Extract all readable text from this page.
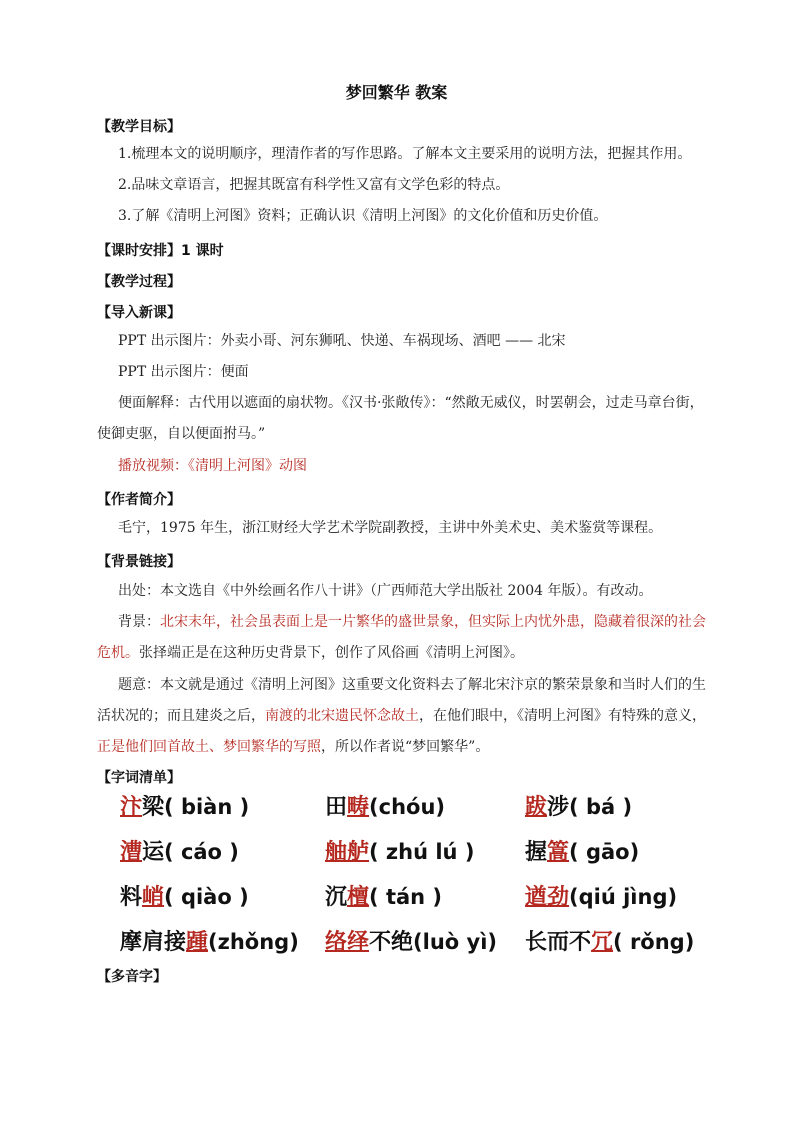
梦回繁华 教案
【教学目标】
1.梳理本文的说明顺序，理清作者的写作思路。了解本文主要采用的说明方法，把握其作用。
2.品味文章语言，把握其既富有科学性又富有文学色彩的特点。
3.了解《清明上河图》资料；正确认识《清明上河图》的文化价值和历史价值。
【课时安排】1 课时
【教学过程】
【导入新课】
PPT 出示图片：外卖小哥、河东狮吼、快递、车祸现场、酒吧 —— 北宋
PPT 出示图片：便面
便面解释：古代用以遮面的扇状物。《汉书·张敞传》：“然敞无威仪，时罢朝会，过走马章台街，使御吏驱，自以便面拊马。”
播放视频：《清明上河图》动图
【作者简介】
毛宁，1975 年生，浙江财经大学艺术学院副教授，主讲中外美术史、美术鉴赏等课程。
【背景链接】
出处：本文选自《中外绘画名作八十讲》（广西师范大学出版社 2004 年版）。有改动。
背景：北宋末年，社会虽表面上是一片繁华的盛世景象，但实际上内忧外患，隐藏着很深的社会危机。张择端正是在这种历史背景下，创作了风俗画《清明上河图》。
题意：本文就是通过《清明上河图》这重要文化资料去了解北宋汴京的繁荣景象和当时人们的生活状况的；而且建炎之后，南渡的北宋遗民怀念故土，在他们眼中，《清明上河图》有特殊的意义，正是他们回首故土、梦回繁华的写照，所以作者说“梦回繁华”。
【字词清单】
汴梁( biàn )	田畴(chóu)	跋涉( bá )
漕运( cáo )	舳舻( zhú lú ) 握篙( gāo)
料峭( qiào )	沉檀( tán )	遒劲(qiú jìng)
摩肩接踵(zhǒng) 络绎不绝(luò yì) 长而不冗( rǒng)
【多音字】
